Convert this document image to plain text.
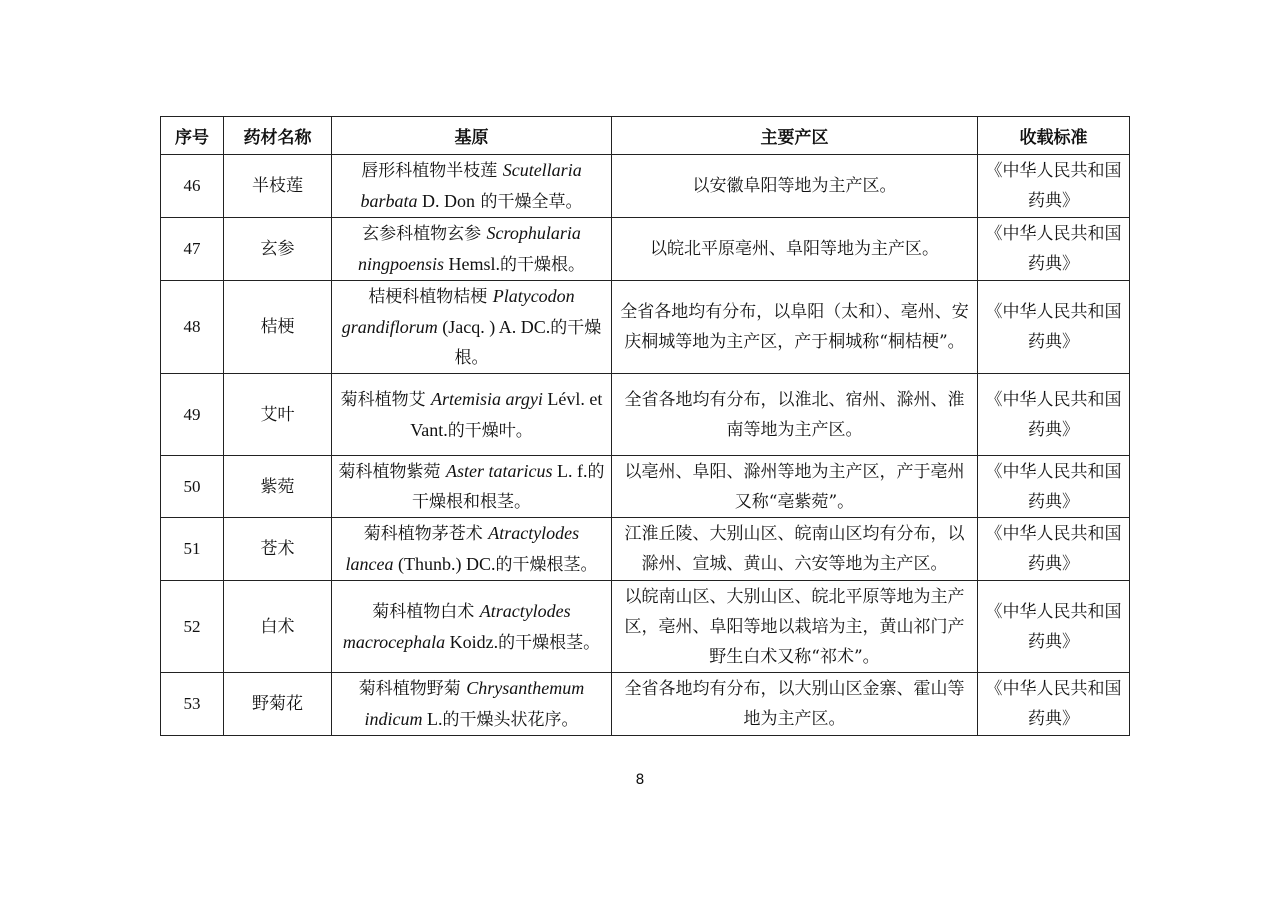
序号	药材名称	基原	主要产区	收载标准
46	半枝莲	唇形科植物半枝莲 Scutellaria barbata D. Don 的干燥全草。	以安徽阜阳等地为主产区。	《中华人民共和国药典》
47	玄参	玄参科植物玄参 Scrophularia ningpoensis Hemsl.的干燥根。	以皖北平原亳州、阜阳等地为主产区。	《中华人民共和国药典》
48	桔梗	桔梗科植物桔梗 Platycodon grandiflorum (Jacq. ) A. DC.的干燥根。	全省各地均有分布，以阜阳（太和）、亳州、安庆桐城等地为主产区，产于桐城称“桐桔梗”。	《中华人民共和国药典》
49	艾叶	菊科植物艾 Artemisia argyi Lévl. et Vant.的干燥叶。	全省各地均有分布，以淮北、宿州、滁州、淮南等地为主产区。	《中华人民共和国药典》
50	紫菀	菊科植物紫菀 Aster tataricus L. f.的干燥根和根茎。	以亳州、阜阳、滁州等地为主产区，产于亳州又称“亳紫菀”。	《中华人民共和国药典》
51	苍术	菊科植物茅苍术 Atractylodes lancea (Thunb.) DC.的干燥根茎。	江淮丘陵、大别山区、皖南山区均有分布，以滁州、宣城、黄山、六安等地为主产区。	《中华人民共和国药典》
52	白术	菊科植物白术 Atractylodes macrocephala Koidz.的干燥根茎。	以皖南山区、大别山区、皖北平原等地为主产区，亳州、阜阳等地以栽培为主，黄山祁门产野生白术又称“祁术”。	《中华人民共和国药典》
53	野菊花	菊科植物野菊 Chrysanthemum indicum L.的干燥头状花序。	全省各地均有分布，以大别山区金寨、霍山等地为主产区。	《中华人民共和国药典》
8
